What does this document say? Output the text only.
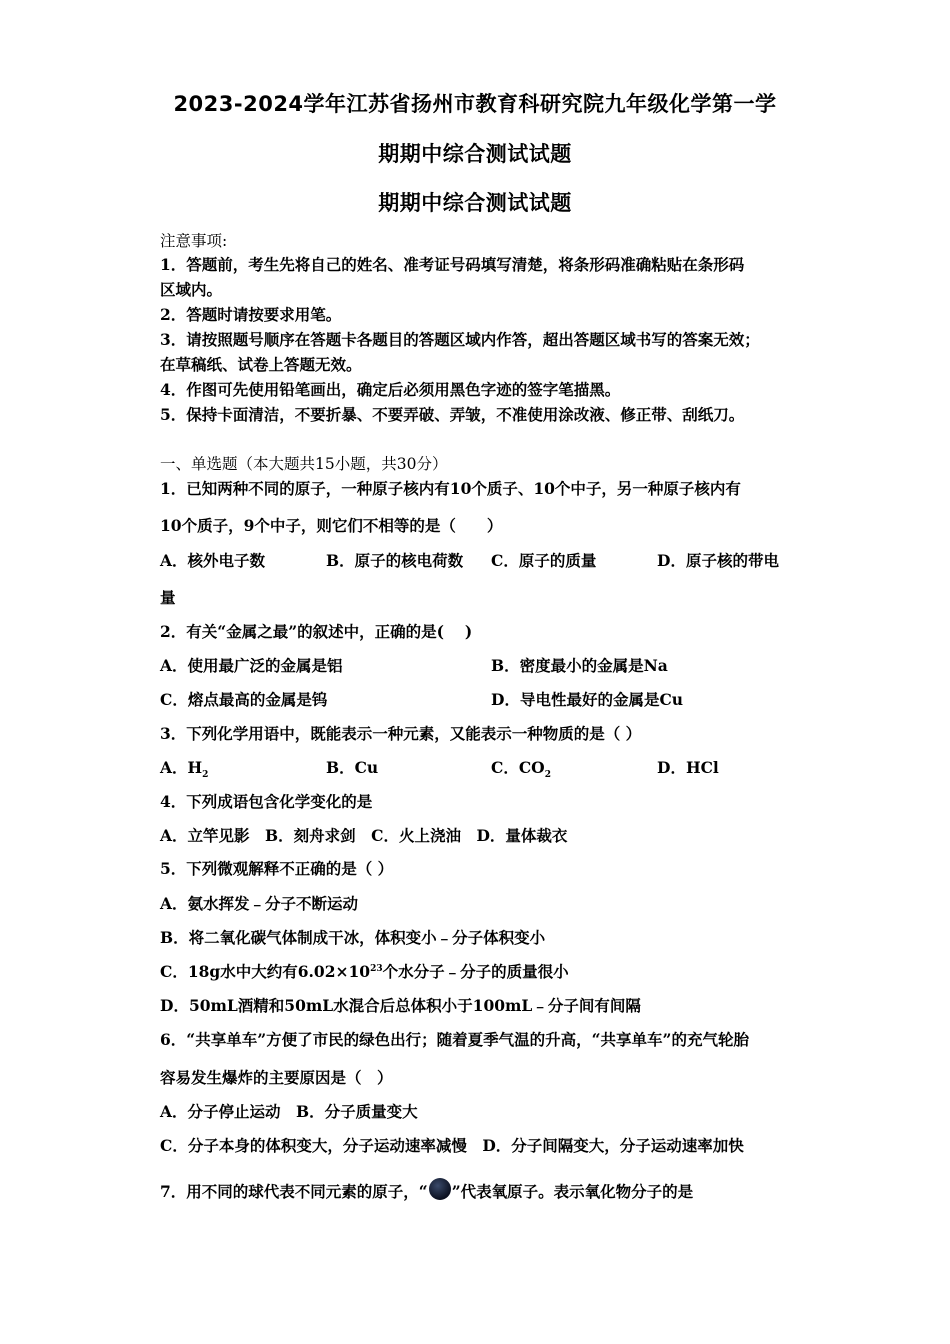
2023-2024学年江苏省扬州市教育科研究院九年级化学第一学
期期中综合测试试题
期期中综合测试试题
注意事项:
1．答题前，考生先将自己的姓名、准考证号码填写清楚，将条形码准确粘贴在条形码
区域内。
2．答题时请按要求用笔。
3．请按照题号顺序在答题卡各题目的答题区域内作答，超出答题区域书写的答案无效；
在草稿纸、试卷上答题无效。
4．作图可先使用铅笔画出，确定后必须用黑色字迹的签字笔描黑。
5．保持卡面清洁，不要折暴、不要弄破、弄皱，不准使用涂改液、修正带、刮纸刀。
一、单选题（本大题共15小题，共30分）
1．已知两种不同的原子，一种原子核内有10个质子、10个中子，另一种原子核内有
10个质子，9个中子，则它们不相等的是（　　）
A．核外电子数	B．原子的核电荷数 C．原子的质量	D．原子核的带电
量
2．有关“金属之最”的叙述中，正确的是(　 )
A．使用最广泛的金属是铝	B．密度最小的金属是Na
C．熔点最高的金属是钨	D．导电性最好的金属是Cu
3．下列化学用语中，既能表示一种元素，又能表示一种物质的是（ ）
A．$H_2$	B．Cu	C．$CO_2$	D．HCl
4．下列成语包含化学变化的是
A．立竿见影　B．刻舟求剑　C．火上浇油　D．量体裁衣
5．下列微观解释不正确的是（ ）
A．氨水挥发﹣分子不断运动
B．将二氧化碳气体制成干冰，体积变小﹣分子体积变小
C．18g水中大约有$6.02\times 10^{23}$个水分子﹣分子的质量很小
D．50mL酒精和50mL水混合后总体积小于100mL﹣分子间有间隔
6．“共享单车”方便了市民的绿色出行；随着夏季气温的升高，“共享单车”的充气轮胎
容易发生爆炸的主要原因是（　）
A．分子停止运动　B．分子质量变大
C．分子本身的体积变大，分子运动速率减慢　D．分子间隔变大，分子运动速率加快
7．用不同的球代表不同元素的原子，“ ”代表氧原子。表示氧化物分子的是
